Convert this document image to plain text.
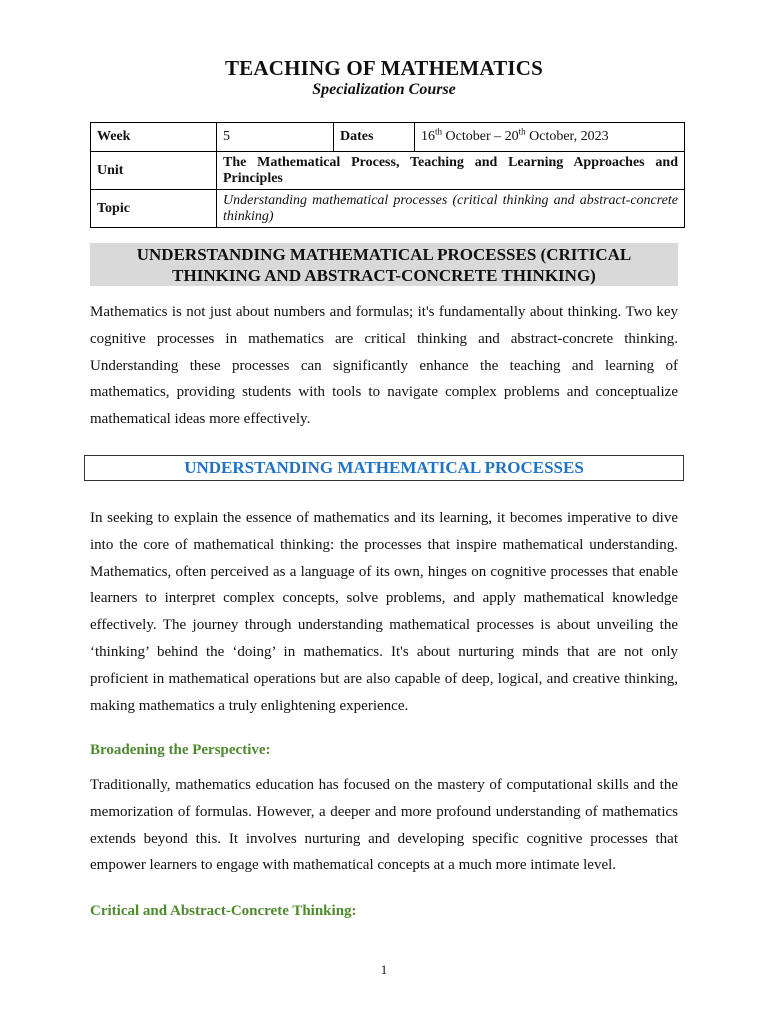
TEACHING OF MATHEMATICS
Specialization Course
Week	5	Dates	16th October – 20th October, 2023
Unit	The Mathematical Process, Teaching and Learning Approaches and Principles		
Topic	Understanding mathematical processes (critical thinking and abstract-concrete thinking)		
UNDERSTANDING MATHEMATICAL PROCESSES (CRITICAL
THINKING AND ABSTRACT-CONCRETE THINKING)
Mathematics is not just about numbers and formulas; it's fundamentally about thinking. Two key cognitive processes in mathematics are critical thinking and abstract-concrete thinking. Understanding these processes can significantly enhance the teaching and learning of mathematics, providing students with tools to navigate complex problems and conceptualize mathematical ideas more effectively.
UNDERSTANDING MATHEMATICAL PROCESSES
In seeking to explain the essence of mathematics and its learning, it becomes imperative to dive into the core of mathematical thinking: the processes that inspire mathematical understanding. Mathematics, often perceived as a language of its own, hinges on cognitive processes that enable learners to interpret complex concepts, solve problems, and apply mathematical knowledge effectively. The journey through understanding mathematical processes is about unveiling the ‘thinking’ behind the ‘doing’ in mathematics. It's about nurturing minds that are not only proficient in mathematical operations but are also capable of deep, logical, and creative thinking, making mathematics a truly enlightening experience.
Broadening the Perspective:
Traditionally, mathematics education has focused on the mastery of computational skills and the memorization of formulas. However, a deeper and more profound understanding of mathematics extends beyond this. It involves nurturing and developing specific cognitive processes that empower learners to engage with mathematical concepts at a much more intimate level.
Critical and Abstract-Concrete Thinking:
1
